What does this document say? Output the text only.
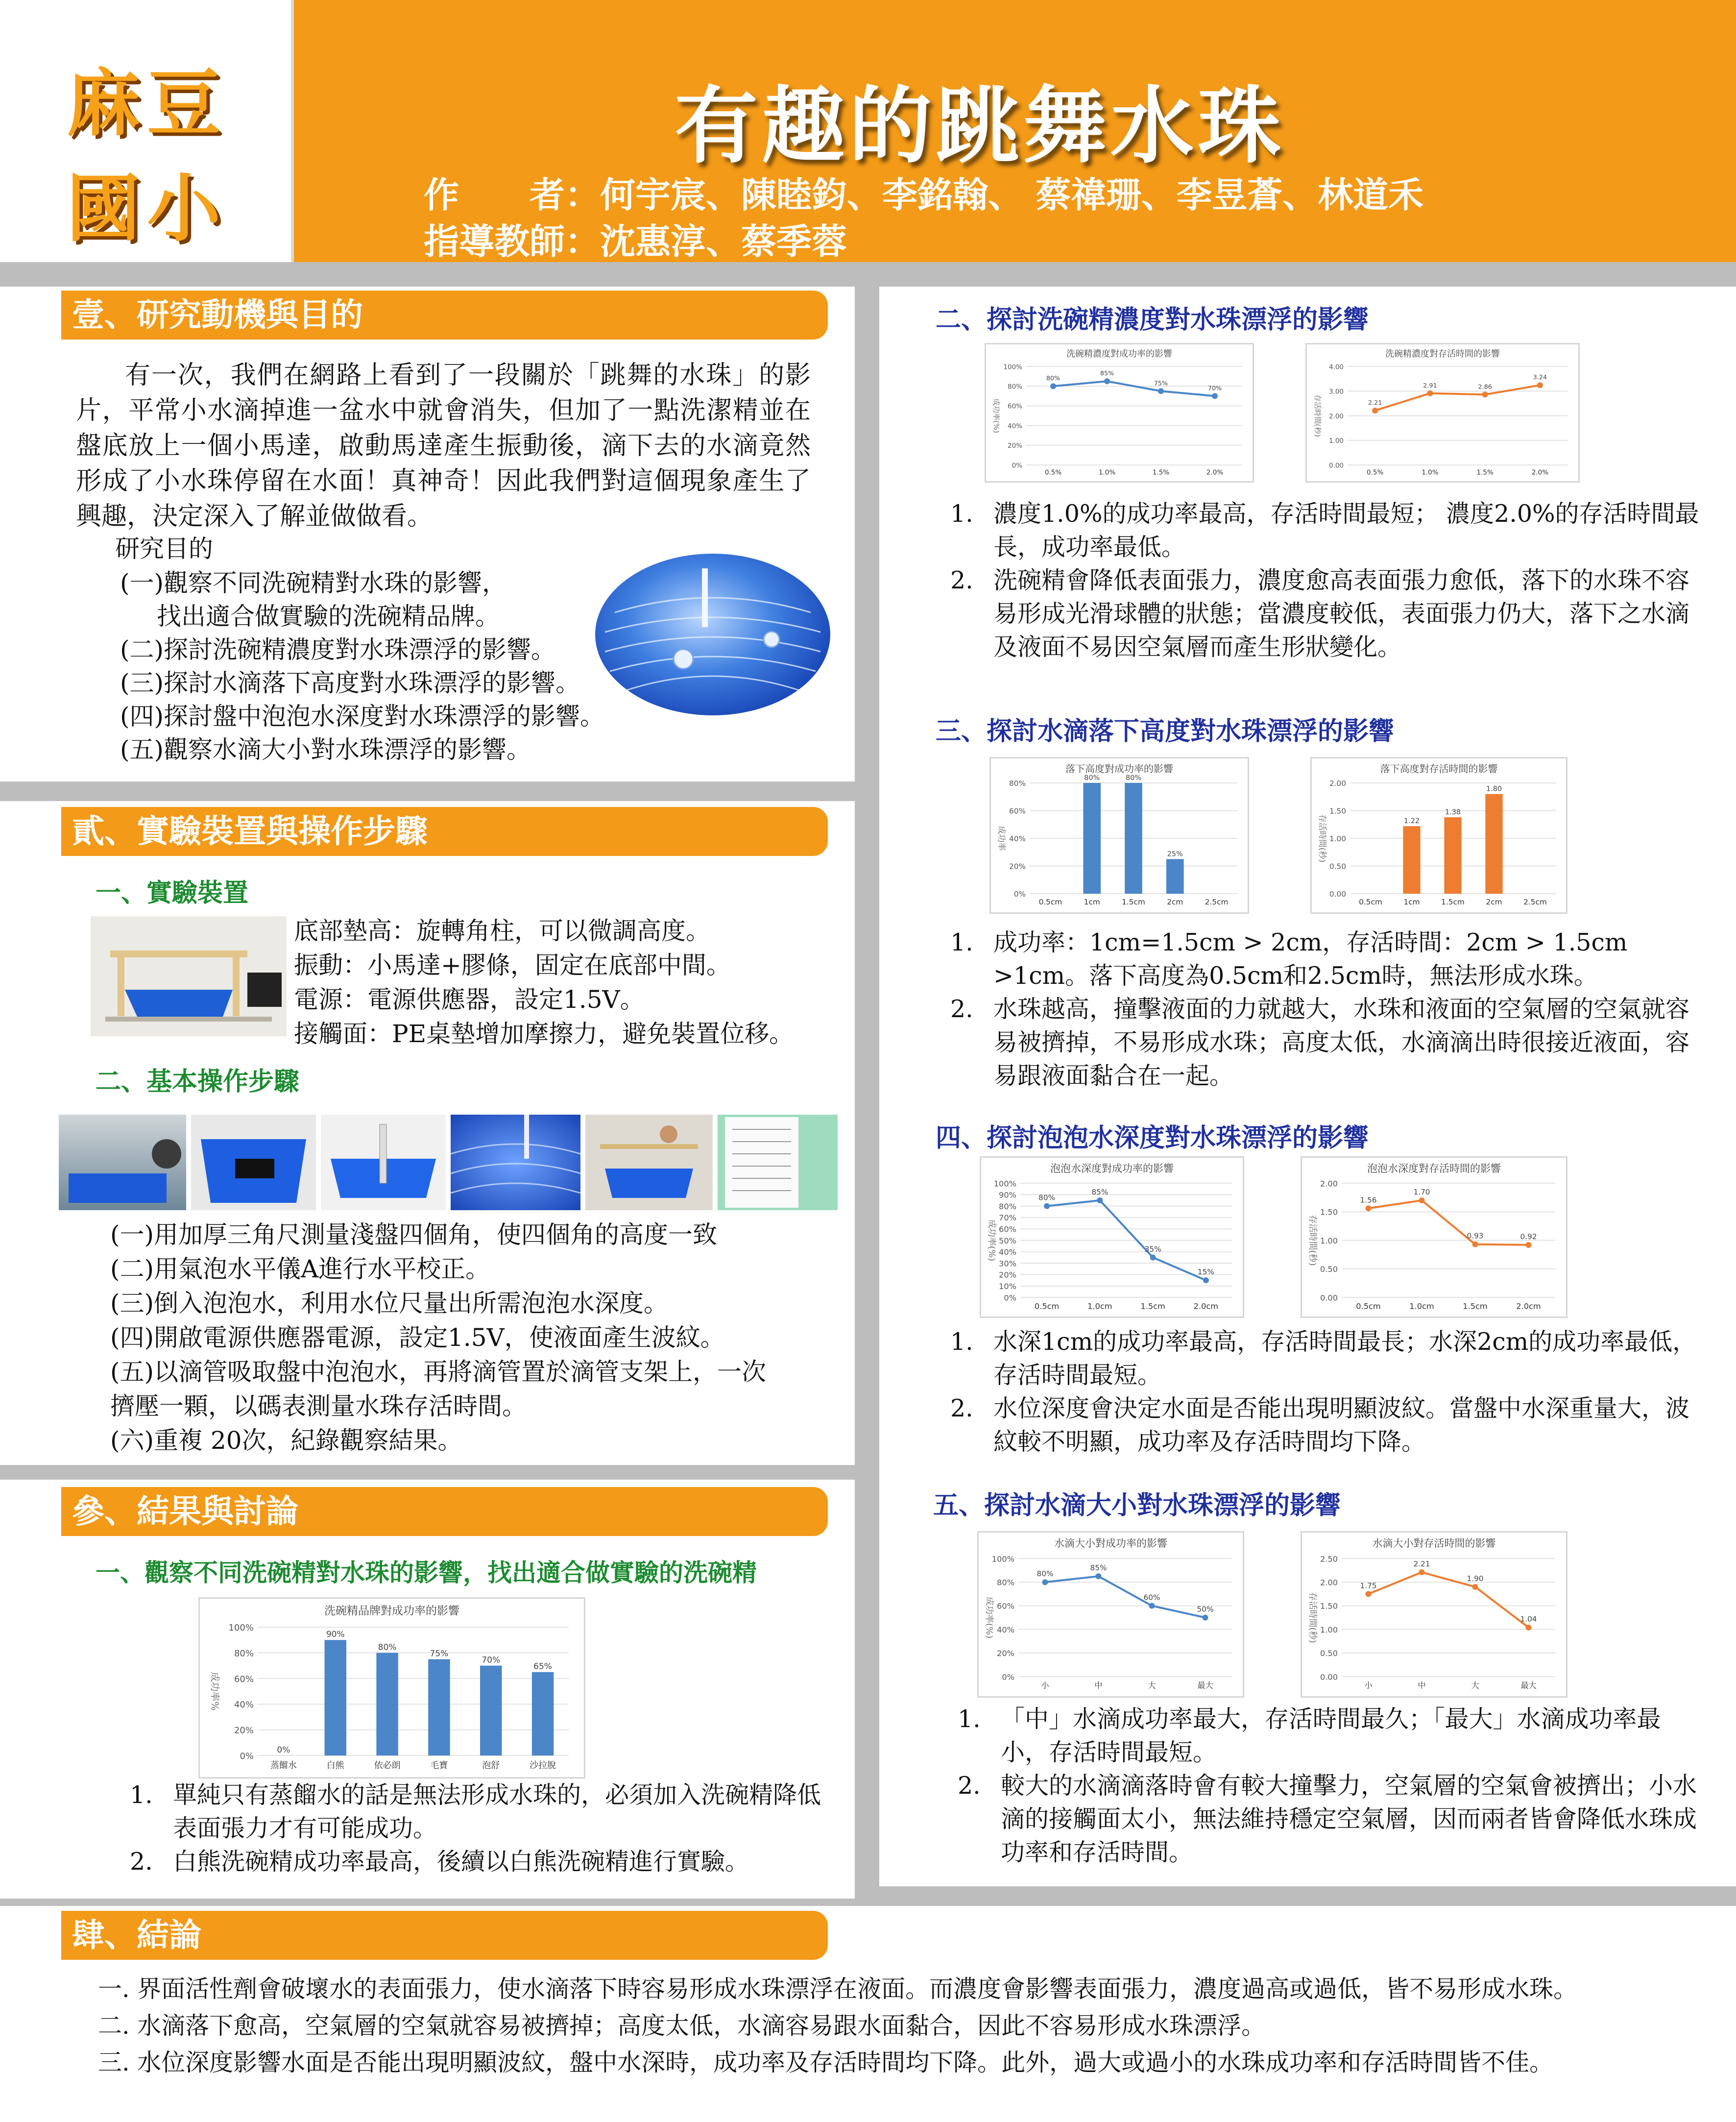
麻豆
國小
有趣的跳舞水珠
作　　者：何宇宸、陳睦鈞、李銘翰、 蔡禕珊、李昱蒼、林道禾
指導教師：沈惠淳、蔡季蓉
壹、研究動機與目的
有一次，我們在網路上看到了一段關於「跳舞的水珠」的影片，平常小水滴掉進一盆水中就會消失，但加了一點洗潔精並在盤底放上一個小馬達，啟動馬達產生振動後，滴下去的水滴竟然形成了小水珠停留在水面！真神奇！因此我們對這個現象產生了興趣，決定深入了解並做做看。
研究目的
(一)觀察不同洗碗精對水珠的影響，
找出適合做實驗的洗碗精品牌。
(二)探討洗碗精濃度對水珠漂浮的影響。
(三)探討水滴落下高度對水珠漂浮的影響。
(四)探討盤中泡泡水深度對水珠漂浮的影響。
(五)觀察水滴大小對水珠漂浮的影響。
貳、實驗裝置與操作步驟
一、實驗裝置
底部墊高：旋轉角柱，可以微調高度。
振動：小馬達+膠條，固定在底部中間。
電源：電源供應器，設定1.5V。
接觸面：PE桌墊增加摩擦力，避免裝置位移。
二、基本操作步驟
(一)用加厚三角尺測量淺盤四個角，使四個角的高度一致
(二)用氣泡水平儀A進行水平校正。
(三)倒入泡泡水，利用水位尺量出所需泡泡水深度。
(四)開啟電源供應器電源，設定1.5V，使液面產生波紋。
(五)以滴管吸取盤中泡泡水，再將滴管置於滴管支架上，一次
擠壓一顆，以碼表測量水珠存活時間。
(六)重複 20次，紀錄觀察結果。
參、結果與討論
一、觀察不同洗碗精對水珠的影響，找出適合做實驗的洗碗精
洗碗精品牌對成功率的影響
成功率%
0%
20%
40%
60%
80%
100%
蒸餾水	白熊	依必朗	毛寶	泡舒	沙拉脫
0%
90%
80%
75%
70%
65%
1. 單純只有蒸餾水的話是無法形成水珠的，必須加入洗碗精降低表面張力才有可能成功。
2. 白熊洗碗精成功率最高，後續以白熊洗碗精進行實驗。
二、探討洗碗精濃度對水珠漂浮的影響
洗碗精濃度對成功率的影響
成功率(%)
0%
20%
40%
60%
80%
100%
0.5%	1.0%	1.5%	2.0%
80%
85%
75%
70%
洗碗精濃度對存活時間的影響
存活時間(秒)
0.00
1.00
2.00
3.00
4.00
0.5%	1.0%	1.5%	2.0%
2.21
2.91	2.86
3.24
1. 濃度1.0%的成功率最高，存活時間最短； 濃度2.0%的存活時間最長，成功率最低。
2. 洗碗精會降低表面張力，濃度愈高表面張力愈低，落下的水珠不容易形成光滑球體的狀態；當濃度較低，表面張力仍大，落下之水滴及液面不易因空氣層而產生形狀變化。
三、探討水滴落下高度對水珠漂浮的影響
落下高度對成功率的影響
成功率
0%
20%
40%
60%
80%
0.5cm	1cm	1.5cm	2cm	2.5cm
80%	80%
25%
落下高度對存活時間的影響
存活時間(秒)
0.00
0.50
1.00
1.50
2.00
0.5cm	1cm	1.5cm	2cm	2.5cm
1.22
1.38
1.80
1. 成功率：1cm=1.5cm > 2cm，存活時間：2cm > 1.5cm >1cm。落下高度為0.5cm和2.5cm時，無法形成水珠。
2. 水珠越高，撞擊液面的力就越大，水珠和液面的空氣層的空氣就容易被擠掉，不易形成水珠；高度太低，水滴滴出時很接近液面，容易跟液面黏合在一起。
四、探討泡泡水深度對水珠漂浮的影響
泡泡水深度對成功率的影響
成功率(%)
0%
10%
20%
30%
40%
50%
60%
70%
80%
90%
100%
0.5cm	1.0cm	1.5cm	2.0cm
80%
85%
35%
15%
泡泡水深度對存活時間的影響
存活時間(秒)
0.00
0.50
1.00
1.50
2.00
0.5cm	1.0cm	1.5cm	2.0cm
1.56
1.70
0.93	0.92
1. 水深1cm的成功率最高，存活時間最長；水深2cm的成功率最低，存活時間最短。
2. 水位深度會決定水面是否能出現明顯波紋。當盤中水深重量大，波紋較不明顯，成功率及存活時間均下降。
五、探討水滴大小對水珠漂浮的影響
水滴大小對成功率的影響
成功率(%)
0%
20%
40%
60%
80%
100%
小	中	大	最大
80%
85%
60%
50%
水滴大小對存活時間的影響
存活時間(秒)
0.00
0.50
1.00
1.50
2.00
2.50
小	中	大	最大
1.75
2.21
1.90
1.04
1. 「中」水滴成功率最大，存活時間最久；「最大」水滴成功率最小，存活時間最短。
2. 較大的水滴滴落時會有較大撞擊力，空氣層的空氣會被擠出；小水滴的接觸面太小，無法維持穩定空氣層，因而兩者皆會降低水珠成功率和存活時間。
肆、結論
一. 界面活性劑會破壞水的表面張力，使水滴落下時容易形成水珠漂浮在液面。而濃度會影響表面張力，濃度過高或過低，皆不易形成水珠。
二. 水滴落下愈高，空氣層的空氣就容易被擠掉；高度太低，水滴容易跟水面黏合，因此不容易形成水珠漂浮。
三. 水位深度影響水面是否能出現明顯波紋，盤中水深時，成功率及存活時間均下降。此外，過大或過小的水珠成功率和存活時間皆不佳。
